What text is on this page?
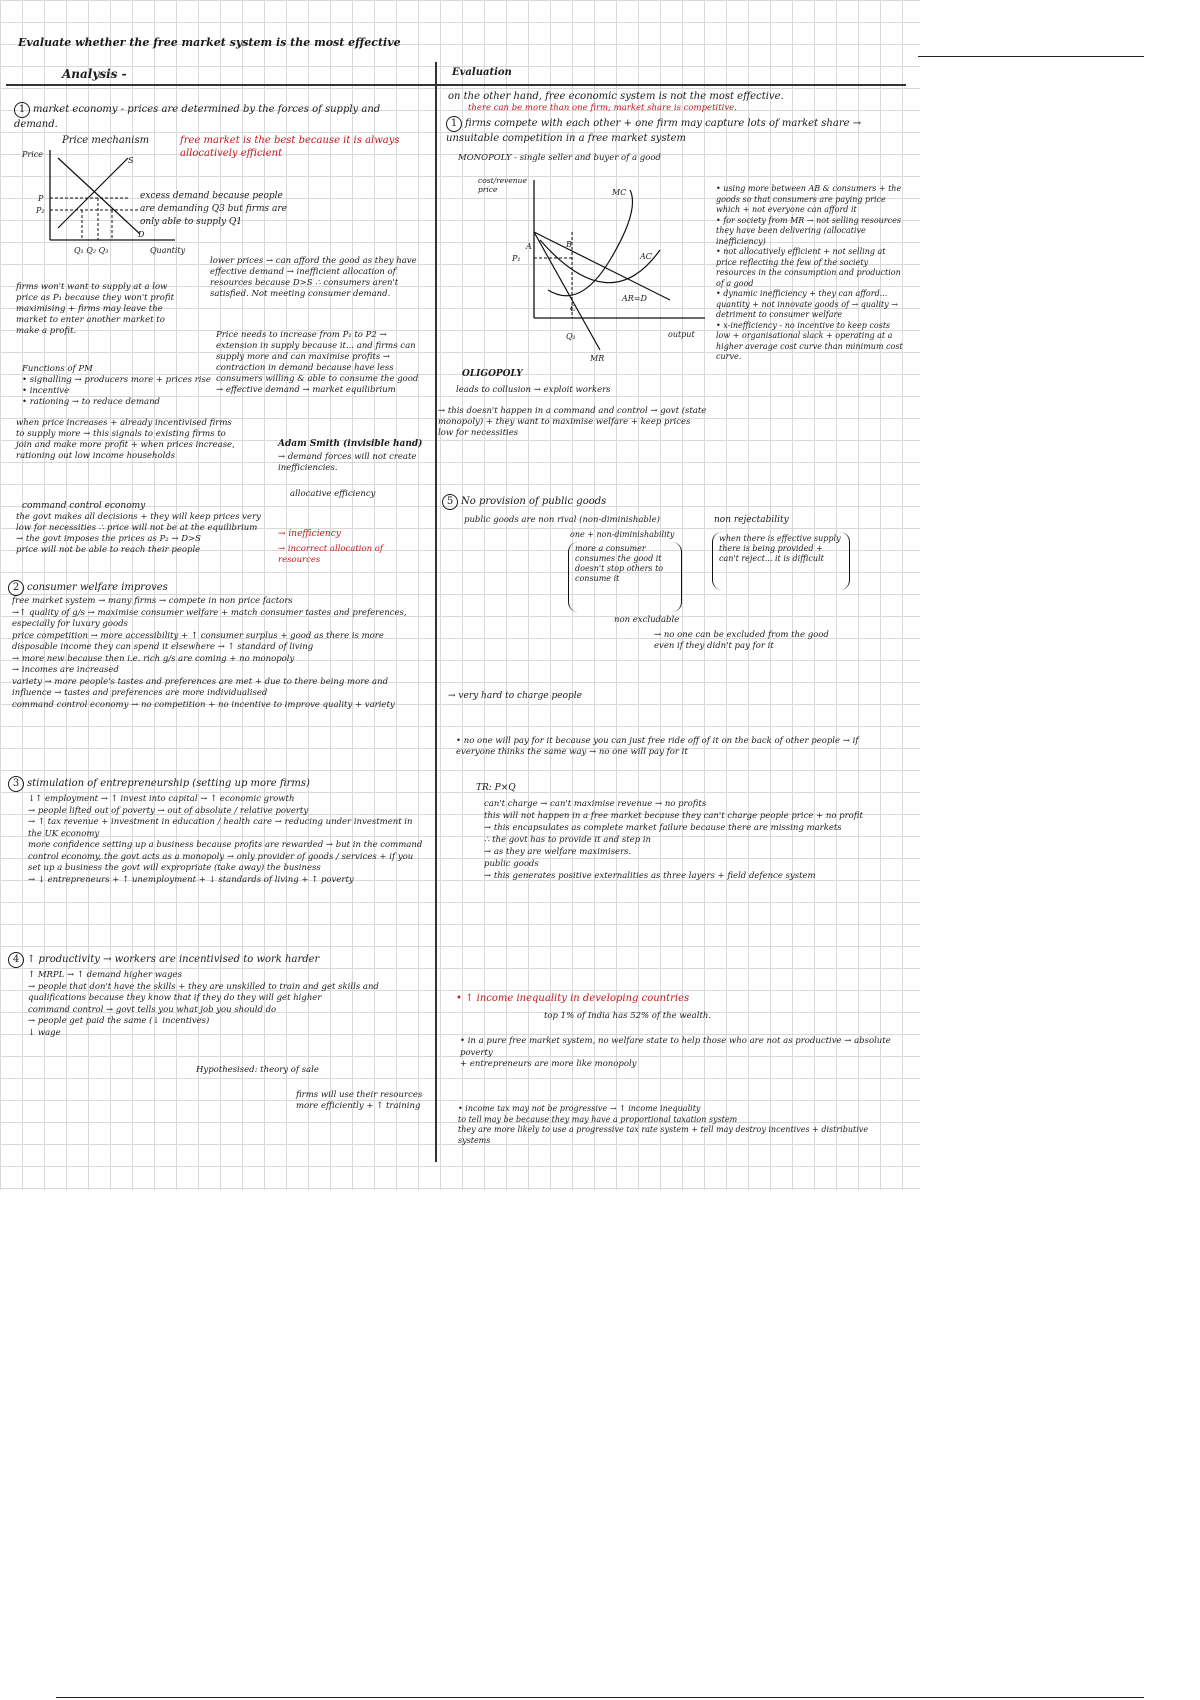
Evaluate whether the free market system is the most effective
Analysis -	Evaluation
1 market economy - prices are determined by the forces of supply and demand.
Price mechanism	free market is the best because it is always allocatively efficient
Price
S
D
P
P₂
Q₁ Q₂ Q₃	Quantity
excess demand because people are demanding Q3 but firms are only able to supply Q1
lower prices → can afford the good as they have effective demand → inefficient allocation of resources because D>S ∴ consumers aren't satisfied. Not meeting consumer demand.
firms won't want to supply at a low price as P₁ because they won't profit maximising + firms may leave the market to enter another market to make a profit.	Price needs to increase from P₁ to P2 → extension in supply because it... and firms can supply more and can maximise profits → contraction in demand because have less consumers willing & able to consume the good → effective demand → market equilibrium
Functions of PM
• signalling → producers more + prices rise
• incentive
• rationing → to reduce demand
when price increases + already incentivised firms to supply more → this signals to existing firms to join and make more profit + when prices increase, rationing out low income households
Adam Smith (invisible hand)
→ demand forces will not create inefficiencies.
allocative efficiency
command control economy
the govt makes all decisions + they will keep prices very low for necessities ∴ price will not be at the equilibrium
→ the govt imposes the prices as P₂ → D>S
price will not be able to reach their people
→ inefficiency
→ incorrect allocation of resources
2 consumer welfare improves
free market system → many firms → compete in non price factors
→↑ quality of g/s → maximise consumer welfare + match consumer tastes and preferences, especially for luxury goods
price competition → more accessibility + ↑ consumer surplus + good as there is more disposable income they can spend it elsewhere → ↑ standard of living
→ more new because then i.e. rich g/s are coming + no monopoly
→ incomes are increased
variety → more people's tastes and preferences are met + due to there being more and influence → tastes and preferences are more individualised
command control economy → no competition + no incentive to improve quality + variety
3 stimulation of entrepreneurship (setting up more firms)
↓↑ employment → ↑ invest into capital → ↑ economic growth
→ people lifted out of poverty → out of absolute / relative poverty
→ ↑ tax revenue + investment in education / health care → reducing under investment in the UK economy
more confidence setting up a business because profits are rewarded → but in the command control economy, the govt acts as a monopoly → only provider of goods / services + if you set up a business the govt will expropriate (take away) the business
→ ↓ entrepreneurs + ↑ unemployment + ↓ standards of living + ↑ poverty
4 ↑ productivity → workers are incentivised to work harder
↑ MRPL → ↑ demand higher wages
→ people that don't have the skills + they are unskilled to train and get skills and qualifications because they know that if they do they will get higher
command control → govt tells you what job you should do
→ people get paid the same (↓ incentives)
↓ wage
Hypothesised: theory of sale
firms will use their resources more efficiently + ↑ training
on the other hand, free economic system is not the most effective.
there can be more than one firm; market share is competitive.
1 firms compete with each other + one firm may capture lots of market share → unsuitable competition in a free market system
MONOPOLY - single seller and buyer of a good
cost/revenue price	MC
AC
AR=D
MR
A	B
C
P₁
Q₁	output
• using more between AB & consumers + the goods so that consumers are paying price which + not everyone can afford it
• for society from MR → not selling resources they have been delivering (allocative inefficiency)
• not allocatively efficient + not selling at price reflecting the few of the society resources in the consumption and production of a good
• dynamic inefficiency + they can afford... quantity + not innovate goods of → quality → detriment to consumer welfare
• x-inefficiency - no incentive to keep costs low + organisational slack + operating at a higher average cost curve than minimum cost curve.
OLIGOPOLY
leads to collusion → exploit workers
→ this doesn't happen in a command and control → govt (state monopoly) + they want to maximise welfare + keep prices low for necessities
5 No provision of public goods
public goods are non rival (non-diminishable)
one + non-diminishability
non rejectability
more a consumer consumes the good it doesn't stop others to consume it
when there is effective supply there is being provided + can't reject... it is difficult
non excludable
→ no one can be excluded from the good even if they didn't pay for it
→ very hard to charge people
• no one will pay for it because you can just free ride off of it on the back of other people → if everyone thinks the same way → no one will pay for it
TR: P×Q
can't charge → can't maximise revenue → no profits
this will not happen in a free market because they can't charge people price + no profit
→ this encapsulates as complete market failure because there are missing markets
∴ the govt has to provide it and step in
→ as they are welfare maximisers.
public goods
→ this generates positive externalities as three layers + field defence system
• ↑ income inequality in developing countries
top 1% of India has 52% of the wealth.
• in a pure free market system, no welfare state to help those who are not as productive → absolute poverty
+ entrepreneurs are more like monopoly
• income tax may not be progressive → ↑ income inequality
to tell may be because they may have a proportional taxation system
they are more likely to use a progressive tax rate system + tell may destroy incentives + distributive systems
